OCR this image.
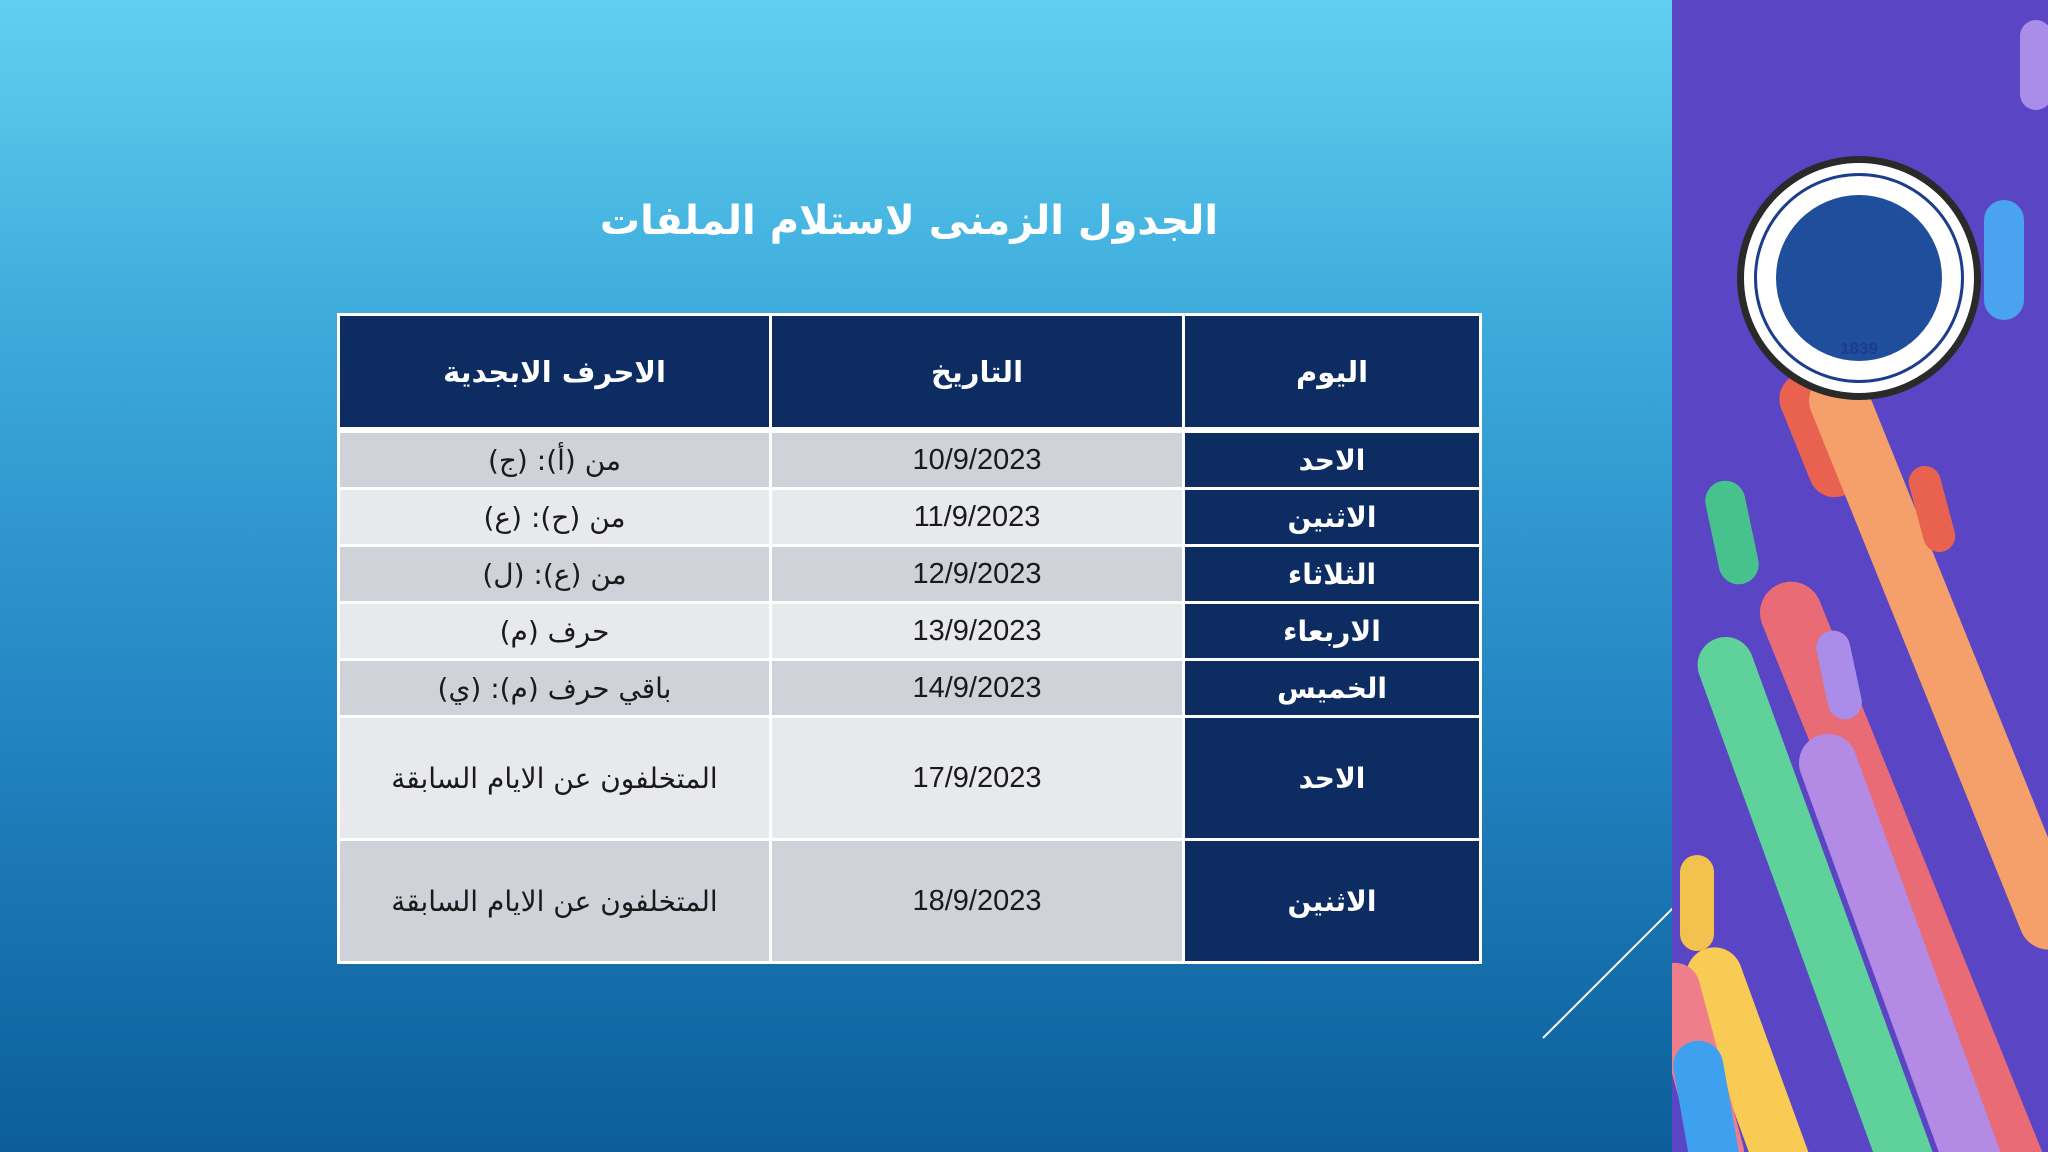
الجدول الزمنى لاستلام الملفات
اليوم	التاريخ	الاحرف الابجدية
الاحد	10/9/2023	من (أ): (ج)
الاثنين	11/9/2023	من (ح): (ع)
الثلاثاء	12/9/2023	من (ع): (ل)
الاربعاء	13/9/2023	حرف (م)
الخميس	14/9/2023	باقي حرف (م): (ي)
الاحد	17/9/2023	المتخلفون عن الايام السابقة
الاثنين	18/9/2023	المتخلفون عن الايام السابقة
1839
